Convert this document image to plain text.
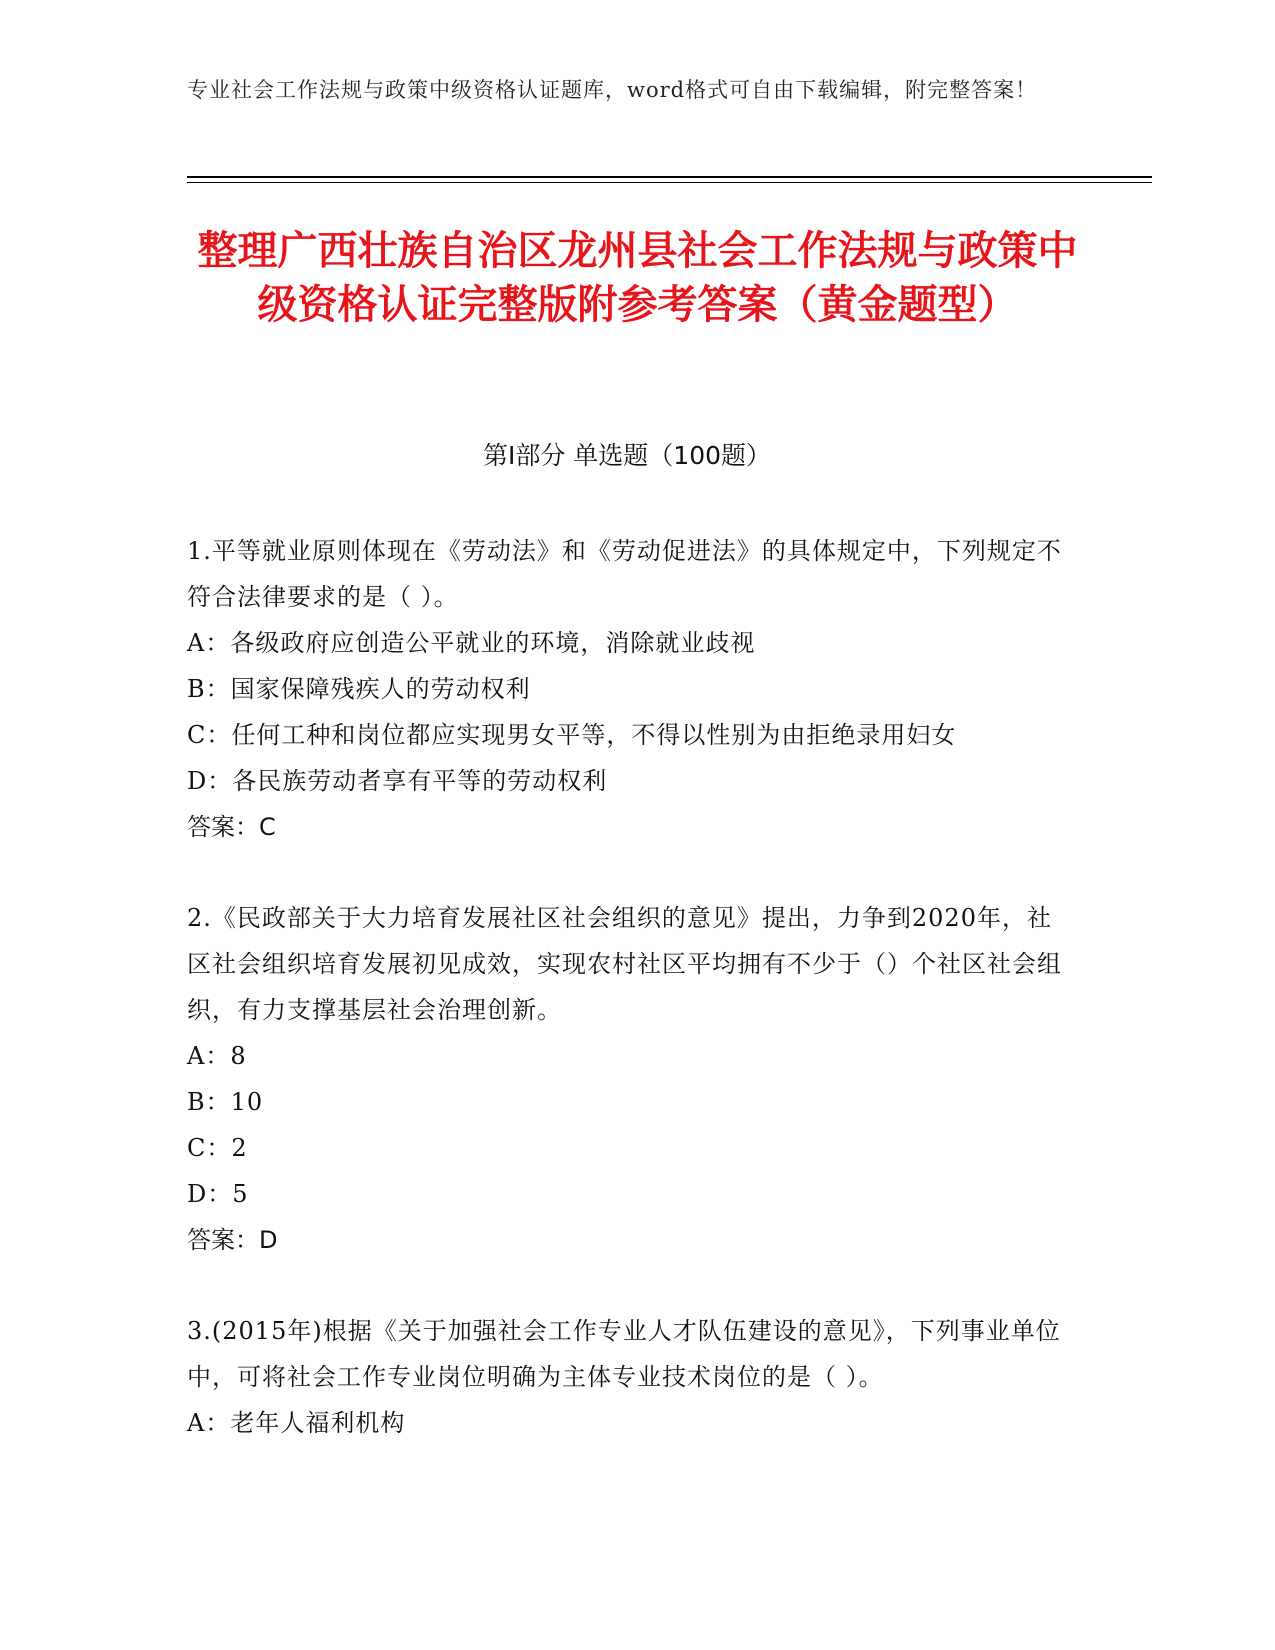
专业社会工作法规与政策中级资格认证题库，word格式可自由下载编辑，附完整答案！
整理广西壮族自治区龙州县社会工作法规与政策中级资格认证完整版附参考答案（黄金题型）
第Ⅰ部分 单选题（100题）

1.平等就业原则体现在《劳动法》和《劳动促进法》的具体规定中，下列规定不符合法律要求的是（ ）。

A：各级政府应创造公平就业的环境，消除就业歧视

B：国家保障残疾人的劳动权利

C：任何工种和岗位都应实现男女平等，不得以性别为由拒绝录用妇女

D：各民族劳动者享有平等的劳动权利

答案：C

2.《民政部关于大力培育发展社区社会组织的意见》提出，力争到2020年，社区社会组织培育发展初见成效，实现农村社区平均拥有不少于（）个社区社会组织，有力支撑基层社会治理创新。

A：8

B：10

C：2

D：5

答案：D

3.(2015年)根据《关于加强社会工作专业人才队伍建设的意见》，下列事业单位中，可将社会工作专业岗位明确为主体专业技术岗位的是（ ）。

A：老年人福利机构
